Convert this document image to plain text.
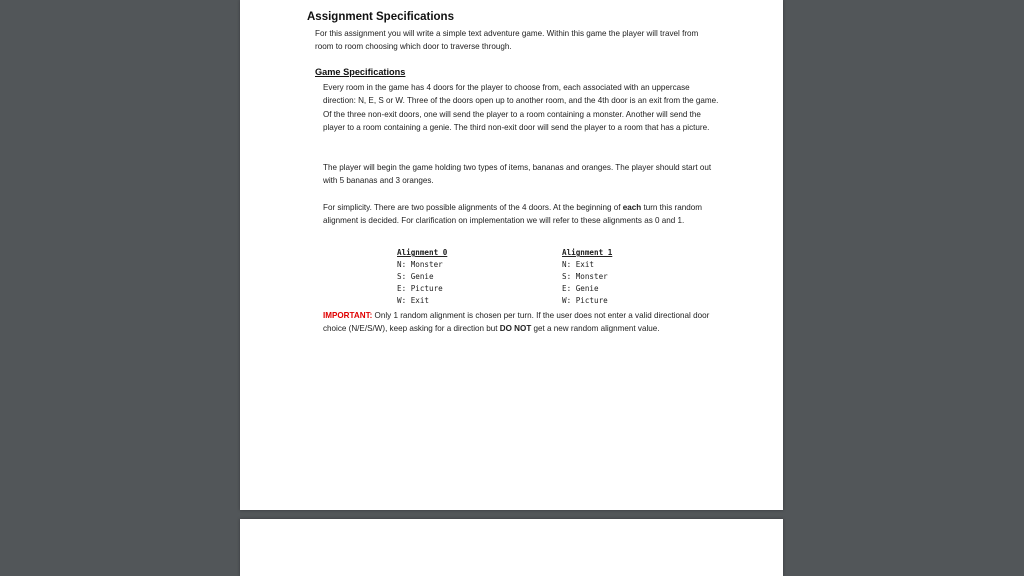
Assignment Specifications
For this assignment you will write a simple text adventure game. Within this game the player will travel from room to room choosing which door to traverse through.
Game Specifications
Every room in the game has 4 doors for the player to choose from, each associated with an uppercase direction: N, E, S or W. Three of the doors open up to another room, and the 4th door is an exit from the game. Of the three non-exit doors, one will send the player to a room containing a monster. Another will send the player to a room containing a genie. The third non-exit door will send the player to a room that has a picture.
The player will begin the game holding two types of items, bananas and oranges. The player should start out with 5 bananas and 3 oranges.
For simplicity. There are two possible alignments of the 4 doors. At the beginning of each turn this random alignment is decided. For clarification on implementation we will refer to these alignments as 0 and 1.
Alignment 0
N: Monster
S: Genie
E: Picture
W: Exit
Alignment 1
N: Exit
S: Monster
E: Genie
W: Picture
IMPORTANT: Only 1 random alignment is chosen per turn. If the user does not enter a valid directional door choice (N/E/S/W), keep asking for a direction but DO NOT get a new random alignment value.
